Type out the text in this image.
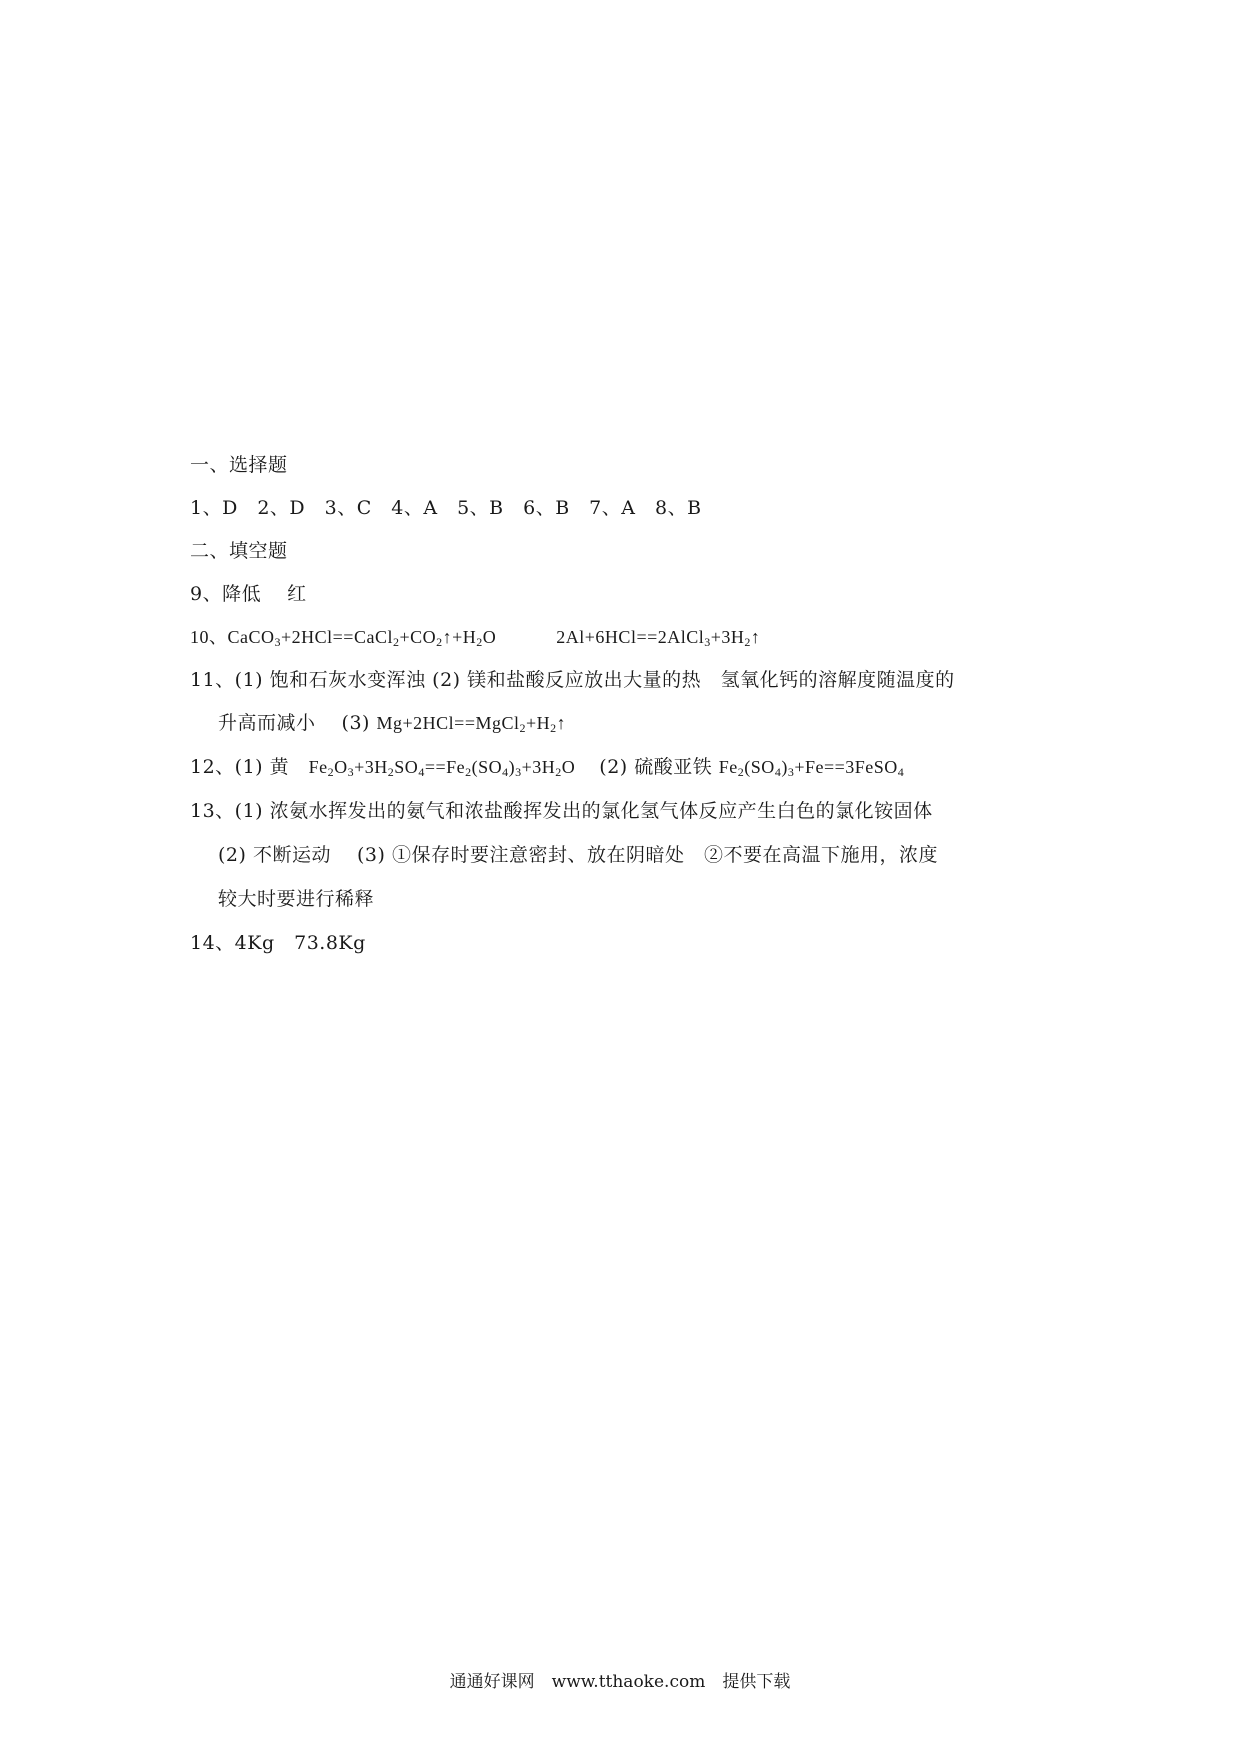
一、选择题
1、D　2、D　3、C　4、A　5、B　6、B　7、A　8、B
二、填空题
9、降低　 红
10、$CaCO_3+2HCl==CaCl_2+CO_2↑+H_2O$	$2Al+6HCl==2AlCl_3+3H_2↑$
11、(1) 饱和石灰水变浑浊 (2) 镁和盐酸反应放出大量的热　氢氧化钙的溶解度随温度的
升高而减小　 (3) $Mg+2HCl==MgCl_2+H_2↑$
12、(1) 黄　$Fe_2O_3+3H_2SO_4==Fe_2(SO_4)_3+3H_2O$ (2) 硫酸亚铁 $Fe_2(SO_4)_3+Fe==3FeSO_4$
13、(1) 浓氨水挥发出的氨气和浓盐酸挥发出的氯化氢气体反应产生白色的氯化铵固体
(2) 不断运动　 (3) ①保存时要注意密封、放在阴暗处　②不要在高温下施用，浓度
较大时要进行稀释
14、4Kg　73.8Kg
通通好课网　www.tthaoke.com　提供下载
